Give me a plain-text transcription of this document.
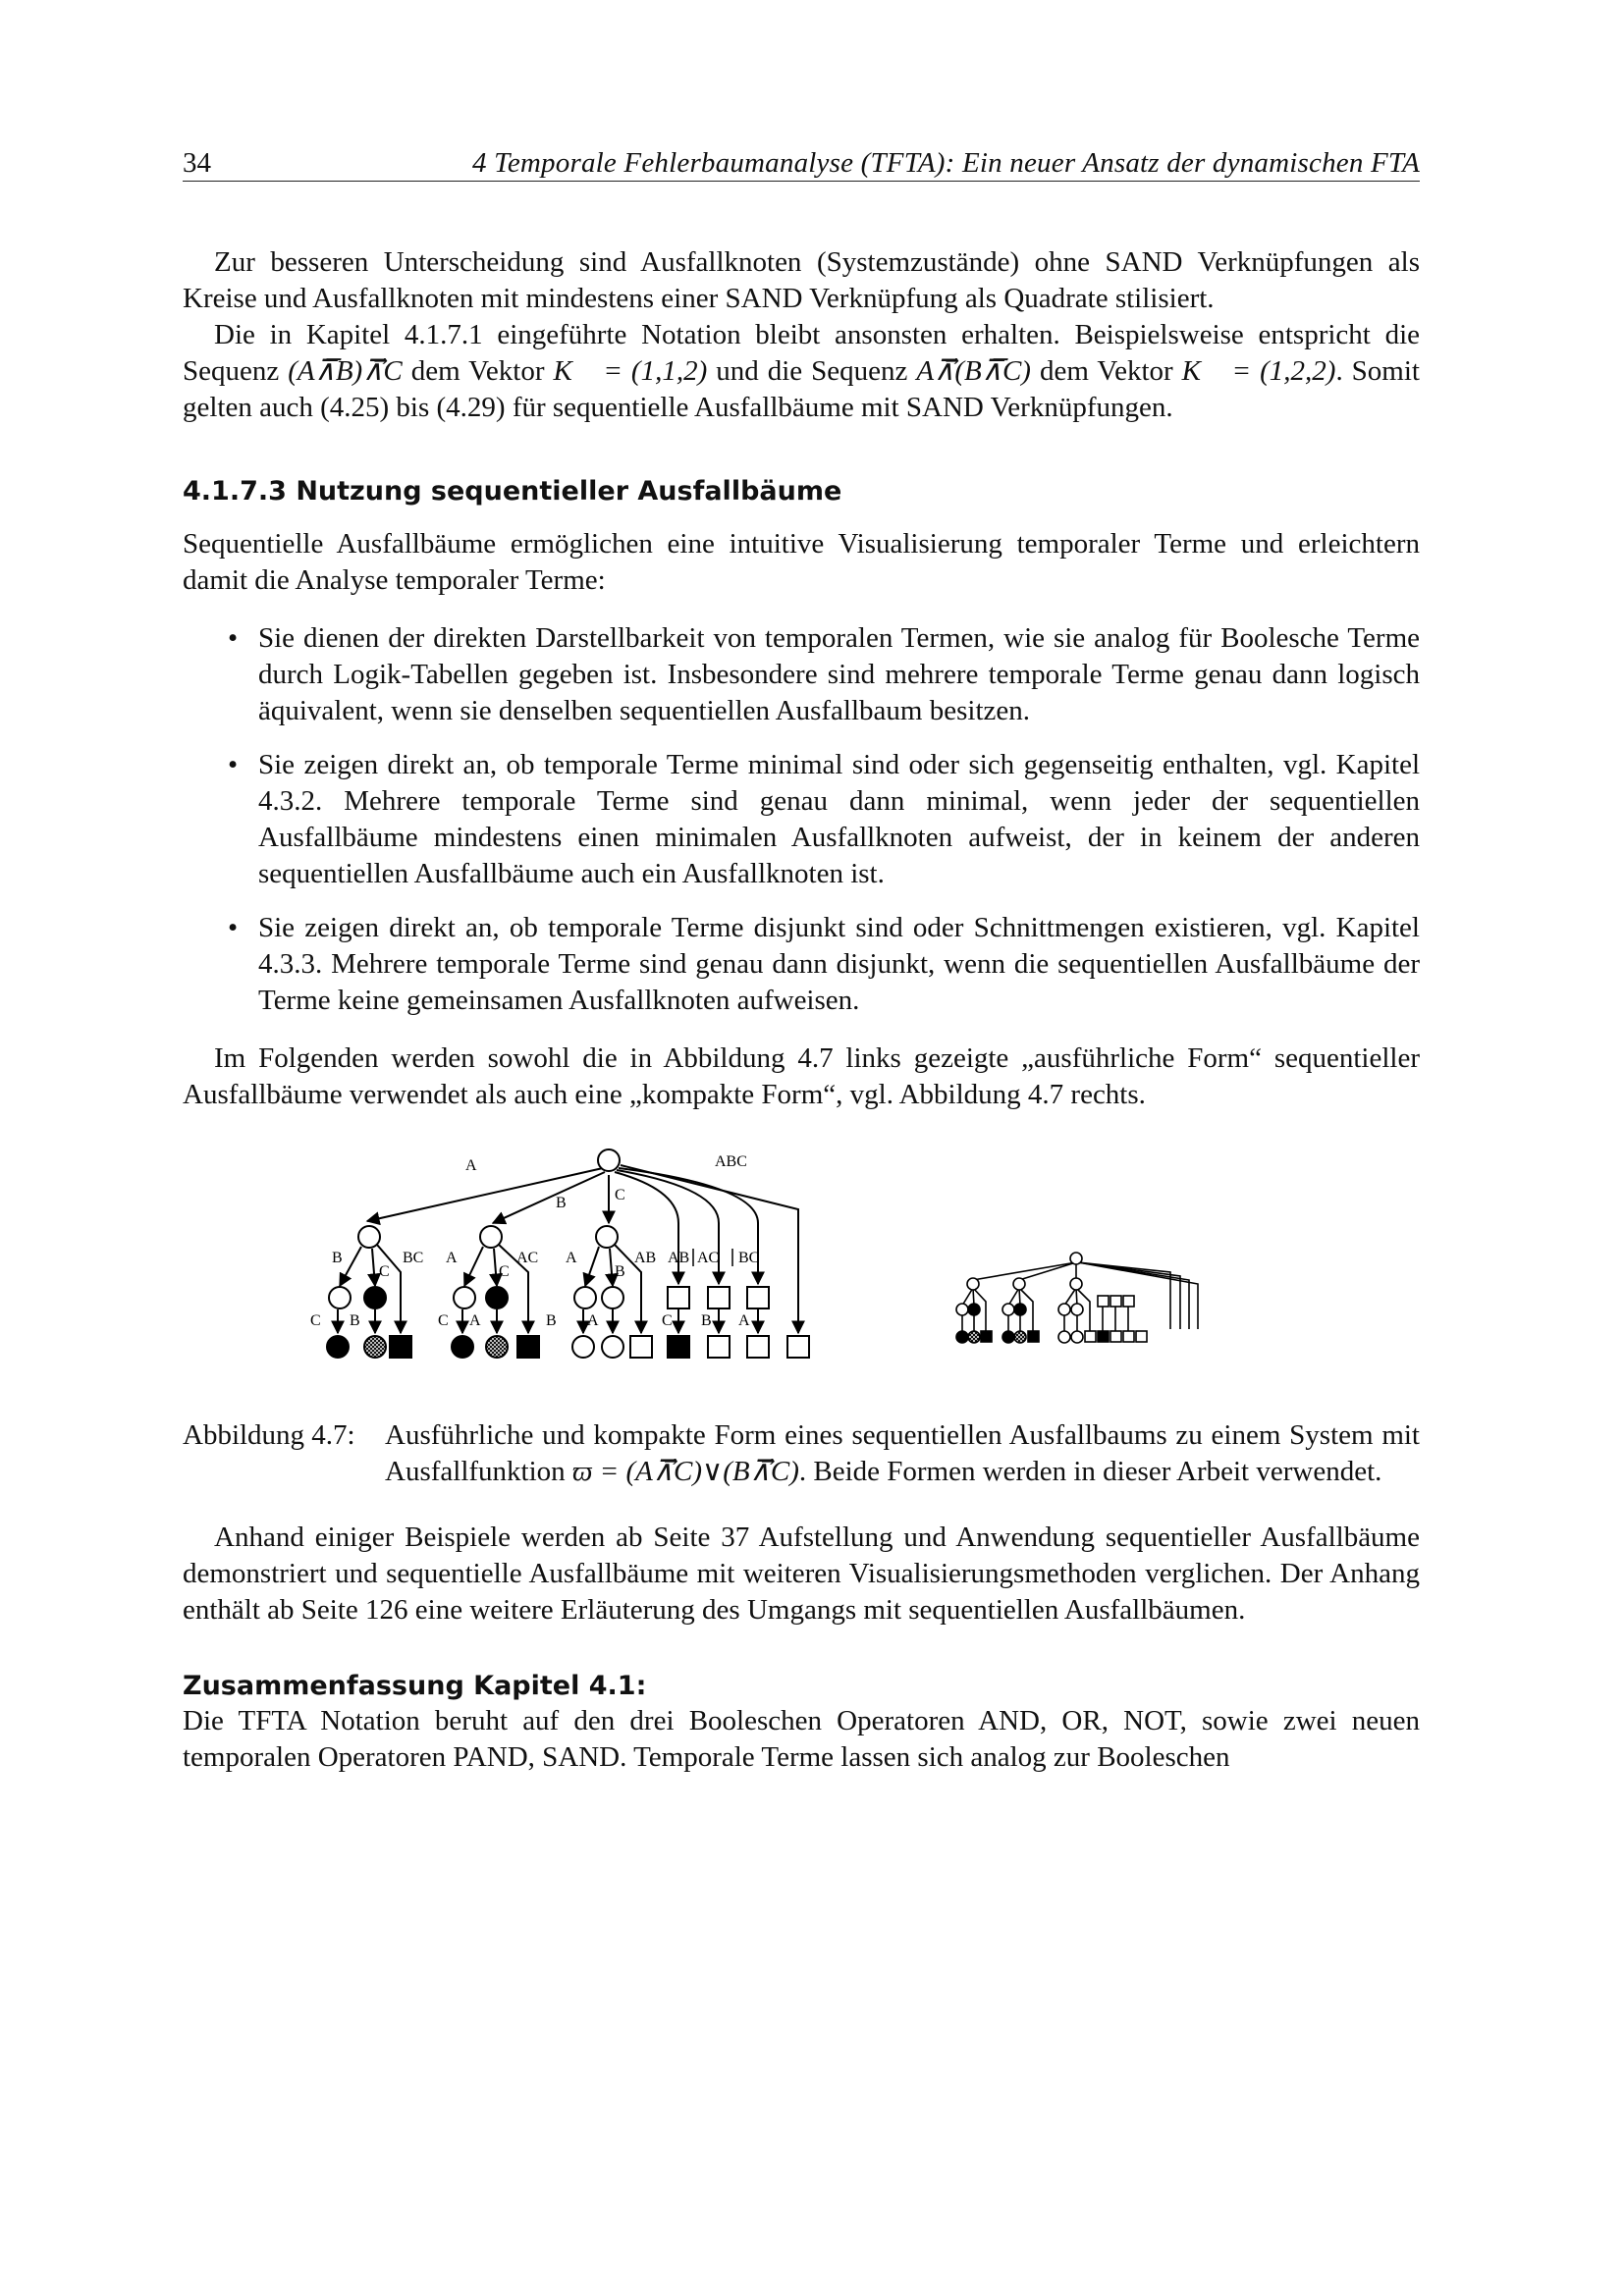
34	4 Temporale Fehlerbaumanalyse (TFTA): Ein neuer Ansatz der dynamischen FTA

Zur besseren Unterscheidung sind Ausfallknoten (Systemzustände) ohne SAND Verknüpfungen als Kreise und Ausfallknoten mit mindestens einer SAND Verknüpfung als Quadrate stilisiert.

Die in Kapitel 4.1.7.1 eingeführte Notation bleibt ansonsten erhalten. Beispielsweise entspricht die Sequenz (A⊼̅B)⊼⃗C dem Vektor K⃗ = (1,1,2) und die Sequenz A⊼⃗(B⊼̅C) dem Vektor K⃗ = (1,2,2). Somit gelten auch (4.25) bis (4.29) für sequentielle Ausfallbäume mit SAND Verknüpfungen.

4.1.7.3 Nutzung sequentieller Ausfallbäume

Sequentielle Ausfallbäume ermöglichen eine intuitive Visualisierung temporaler Terme und erleichtern damit die Analyse temporaler Terme:

• Sie dienen der direkten Darstellbarkeit von temporalen Termen, wie sie analog für Boolesche Terme durch Logik-Tabellen gegeben ist. Insbesondere sind mehrere temporale Terme genau dann logisch äquivalent, wenn sie denselben sequentiellen Ausfallbaum besitzen.
• Sie zeigen direkt an, ob temporale Terme minimal sind oder sich gegenseitig enthalten, vgl. Kapitel 4.3.2. Mehrere temporale Terme sind genau dann minimal, wenn jeder der sequentiellen Ausfallbäume mindestens einen minimalen Ausfallknoten aufweist, der in keinem der anderen sequentiellen Ausfallbäume auch ein Ausfallknoten ist.
• Sie zeigen direkt an, ob temporale Terme disjunkt sind oder Schnittmengen existieren, vgl. Kapitel 4.3.3. Mehrere temporale Terme sind genau dann disjunkt, wenn die sequentiellen Ausfallbäume der Terme keine gemeinsamen Ausfallknoten aufweisen.

Im Folgenden werden sowohl die in Abbildung 4.7 links gezeigte „ausführliche Form“ sequentieller Ausfallbäume verwendet als auch eine „kompakte Form“, vgl. Abbildung 4.7 rechts.

A
B	C
ABC
B	BC
C
A	AC
C
A	AB
B
AB AC BC
C B	C A	B A	C B A
Abbildung 4.7: Ausführliche und kompakte Form eines sequentiellen Ausfallbaums zu einem System mit Ausfallfunktion ϖ = (A⊼⃗C)∨(B⊼⃗C). Beide Formen werden in dieser Arbeit verwendet.

Anhand einiger Beispiele werden ab Seite 37 Aufstellung und Anwendung sequentieller Ausfallbäume demonstriert und sequentielle Ausfallbäume mit weiteren Visualisierungsmethoden verglichen. Der Anhang enthält ab Seite 126 eine weitere Erläuterung des Umgangs mit sequentiellen Ausfallbäumen.

Zusammenfassung Kapitel 4.1:

Die TFTA Notation beruht auf den drei Booleschen Operatoren AND, OR, NOT, sowie zwei neuen temporalen Operatoren PAND, SAND. Temporale Terme lassen sich analog zur Booleschen
